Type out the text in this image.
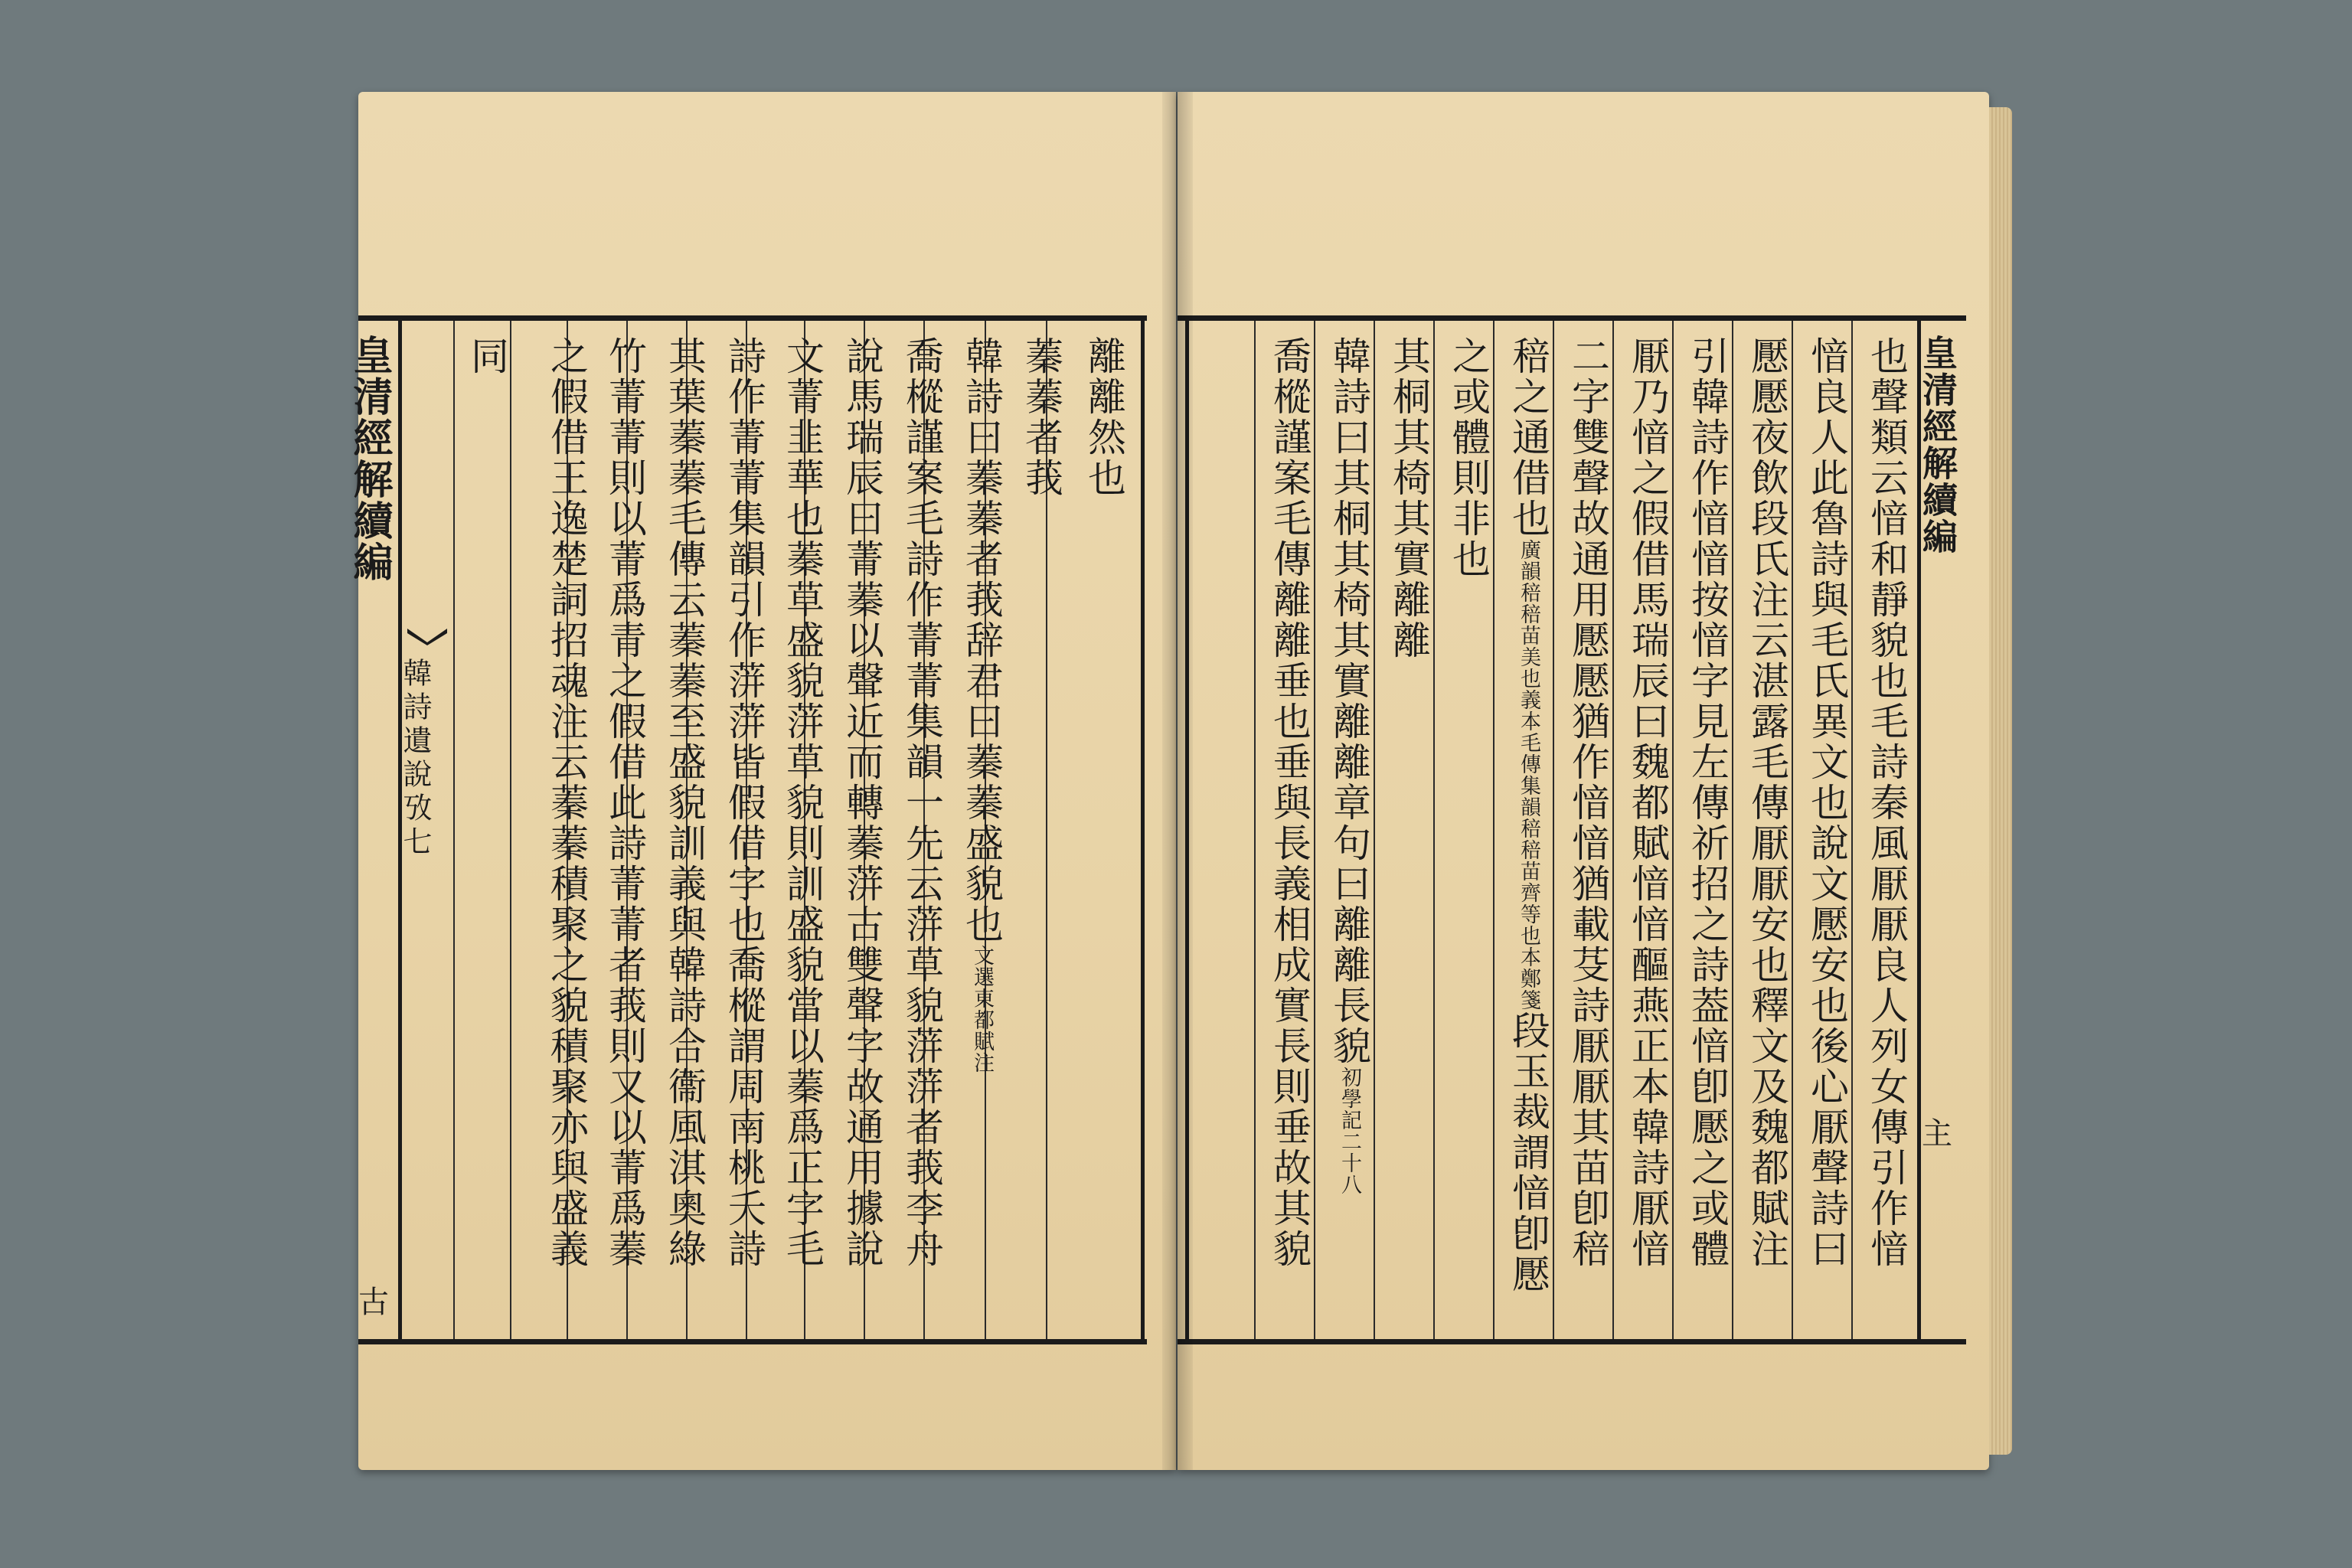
皇清經解續編
韓詩遺說攷七
古
離離然也
蓁蓁者莪
韓詩曰蓁蓁者莪辞君曰蓁蓁盛貌也文選東都賦注
喬樅謹案毛詩作菁菁集韻一先云蓱草貌蓱蓱者莪李舟
說馬瑞辰曰菁蓁以聲近而轉蓁蓱古雙聲字故通用據說
文菁韭華也蓁草盛貌蓱草貌則訓盛貌當以蓁爲正字毛
詩作菁菁集韻引作蓱蓱皆假借字也喬樅謂周南桃夭詩
其葉蓁蓁毛傳云蓁蓁至盛貌訓義與韓詩合衞風淇奧綠
竹菁菁則以菁爲青之假借此詩菁菁者莪則又以菁爲蓁
之假借王逸楚詞招魂注云蓁蓁積聚之貌積聚亦與盛義
同	皇清經解續編
主
也聲類云愔和靜貌也毛詩秦風厭厭良人列女傳引作愔
愔良人此魯詩與毛氏異文也說文懕安也後心厭聲詩曰
懕懕夜飲段氏注云湛露毛傳厭厭安也釋文及魏都賦注
引韓詩作愔愔按愔字見左傳祈招之詩葢愔卽懕之或體
厭乃愔之假借馬瑞辰曰魏都賦愔愔醧燕正本韓詩厭愔
二字雙聲故通用懕懕猶作愔愔猶載芟詩厭厭其苗卽稖
稖之通借也廣韻稖稖苗美也義本毛傳集韻稖稖苗齊等也本鄭箋段玉裁謂愔卽懕
之或體則非也
其桐其椅其實離離
韓詩曰其桐其椅其實離離章句曰離離長貌初學記二十八
喬樅謹案毛傳離離垂也垂與長義相成實長則垂故其貌
